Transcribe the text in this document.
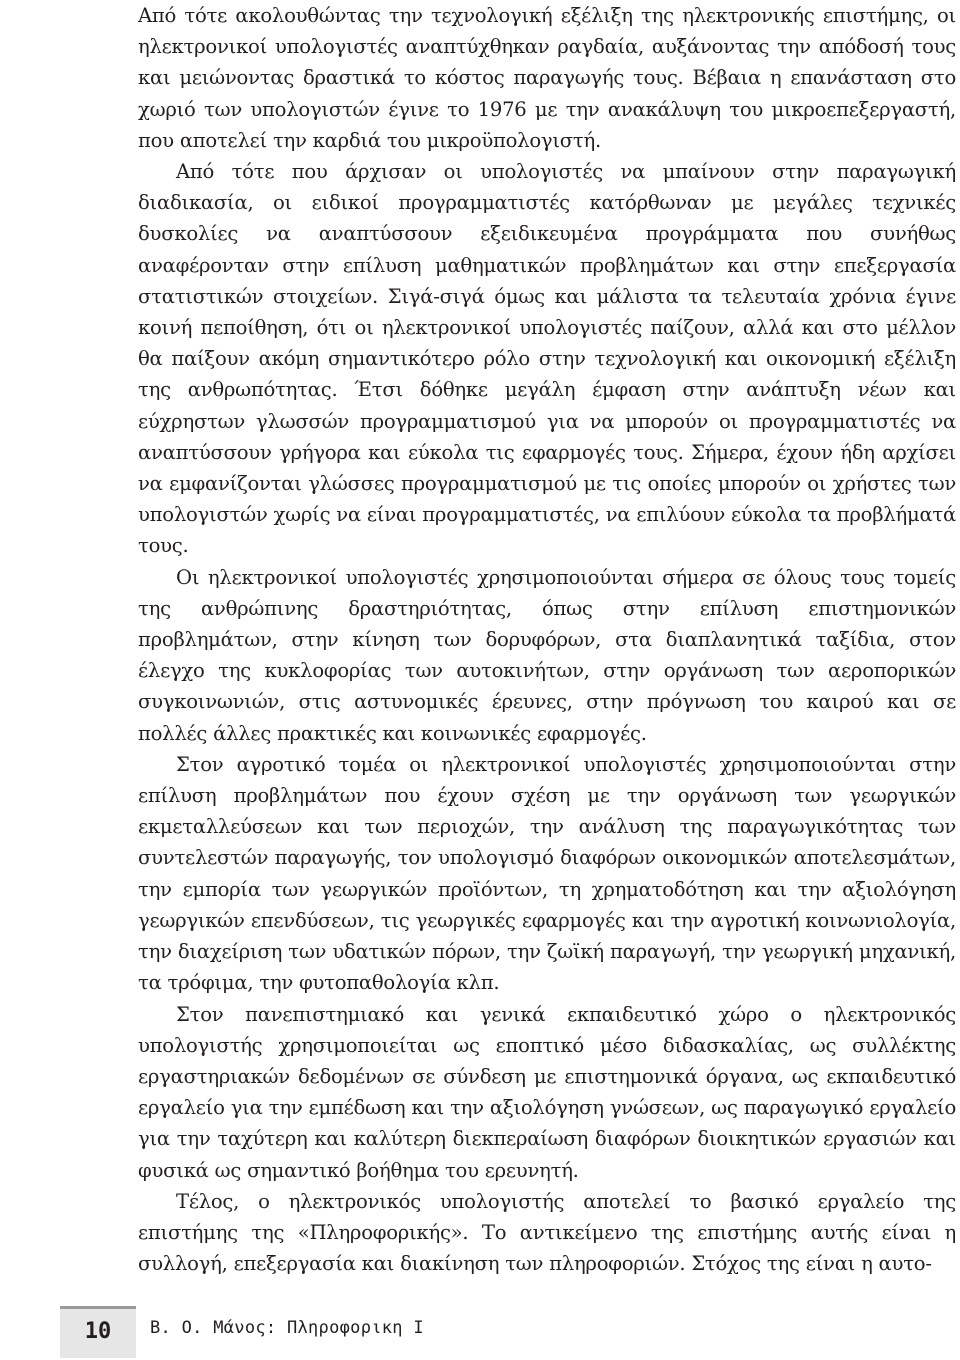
Από τότε ακολουθώντας την τεχνολογική εξέλιξη της ηλεκτρονικής επιστήμης, οι ηλεκτρονικοί υπολογιστές αναπτύχθηκαν ραγδαία, αυξάνοντας την απόδοσή τους και μειώνοντας δραστικά το κόστος παραγωγής τους. Βέβαια η επανάσταση στο χωριό των υπολογιστών έγινε το 1976 με την ανακάλυψη του μικροεπεξεργαστή, που αποτελεί την καρδιά του μικροϋπολογιστή.

Από τότε που άρχισαν οι υπολογιστές να μπαίνουν στην παραγωγική διαδικασία, οι ειδικοί προγραμματιστές κατόρθωναν με μεγάλες τεχνικές δυσκολίες να αναπτύσσουν εξειδικευμένα προγράμματα που συνήθως αναφέρονταν στην επίλυση μαθηματικών προβλημάτων και στην επεξεργασία στατιστικών στοιχείων. Σιγά-σιγά όμως και μάλιστα τα τελευταία χρόνια έγινε κοινή πεποίθηση, ότι οι ηλεκτρονικοί υπολογιστές παίζουν, αλλά και στο μέλλον θα παίξουν ακόμη σημαντικότερο ρόλο στην τεχνολογική και οικονομική εξέλιξη της ανθρωπότητας. Έτσι δόθηκε μεγάλη έμφαση στην ανάπτυξη νέων και εύχρηστων γλωσσών προγραμματισμού για να μπορούν οι προγραμματιστές να αναπτύσσουν γρήγορα και εύκολα τις εφαρμογές τους. Σήμερα, έχουν ήδη αρχίσει να εμφανίζονται γλώσσες προγραμματισμού με τις οποίες μπορούν οι χρήστες των υπολογιστών χωρίς να είναι προγραμματιστές, να επιλύουν εύκολα τα προβλήματά τους.

Οι ηλεκτρονικοί υπολογιστές χρησιμοποιούνται σήμερα σε όλους τους τομείς της ανθρώπινης δραστηριότητας, όπως στην επίλυση επιστημονικών προβλημάτων, στην κίνηση των δορυφόρων, στα διαπλανητικά ταξίδια, στον έλεγχο της κυκλοφορίας των αυτοκινήτων, στην οργάνωση των αεροπορικών συγκοινωνιών, στις αστυνομικές έρευνες, στην πρόγνωση του καιρού και σε πολλές άλλες πρακτικές και κοινωνικές εφαρμογές.

Στον αγροτικό τομέα οι ηλεκτρονικοί υπολογιστές χρησιμοποιούνται στην επίλυση προβλημάτων που έχουν σχέση με την οργάνωση των γεωργικών εκμεταλλεύσεων και των περιοχών, την ανάλυση της παραγωγικότητας των συντελεστών παραγωγής, τον υπολογισμό διαφόρων οικονομικών αποτελεσμάτων, την εμπορία των γεωργικών προϊόντων, τη χρηματοδότηση και την αξιολόγηση γεωργικών επενδύσεων, τις γεωργικές εφαρμογές και την αγροτική κοινωνιολογία, την διαχείριση των υδατικών πόρων, την ζωϊκή παραγωγή, την γεωργική μηχανική, τα τρόφιμα, την φυτοπαθολογία κλπ.

Στον πανεπιστημιακό και γενικά εκπαιδευτικό χώρο ο ηλεκτρονικός υπολογιστής χρησιμοποιείται ως εποπτικό μέσο διδασκαλίας, ως συλλέκτης εργαστηριακών δεδομένων σε σύνδεση με επιστημονικά όργανα, ως εκπαιδευτικό εργαλείο για την εμπέδωση και την αξιολόγηση γνώσεων, ως παραγωγικό εργαλείο για την ταχύτερη και καλύτερη διεκπεραίωση διαφόρων διοικητικών εργασιών και φυσικά ως σημαντικό βοήθημα του ερευνητή.

Τέλος, ο ηλεκτρονικός υπολογιστής αποτελεί το βασικό εργαλείο της επιστήμης της «Πληροφορικής». Το αντικείμενο της επιστήμης αυτής είναι η συλλογή, επεξεργασία και διακίνηση των πληροφοριών. Στόχος της είναι η αυτο-

10	Β. Ο. Μάνος: Πληροφορικη Ι
